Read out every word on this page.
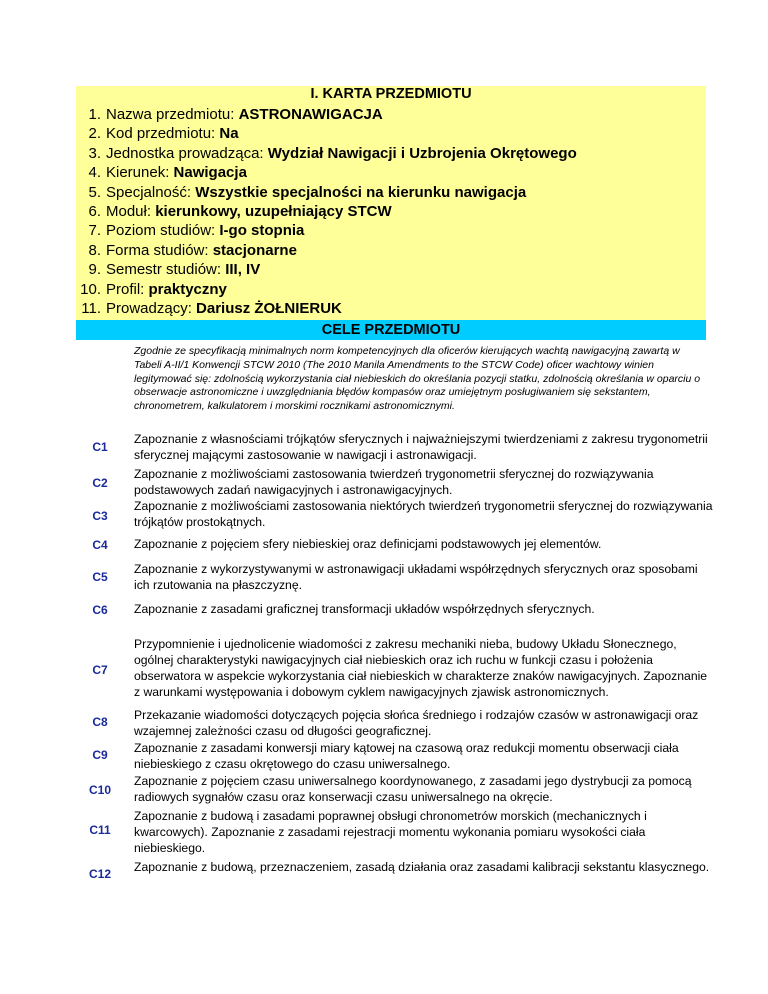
I. KARTA PRZEDMIOTU
1. Nazwa przedmiotu: ASTRONAWIGACJA
2. Kod przedmiotu: Na
3. Jednostka prowadząca: Wydział Nawigacji i Uzbrojenia Okrętowego
4. Kierunek: Nawigacja
5. Specjalność: Wszystkie specjalności na kierunku nawigacja
6. Moduł: kierunkowy, uzupełniający STCW
7. Poziom studiów: I-go stopnia
8. Forma studiów: stacjonarne
9. Semestr studiów: III, IV
10. Profil: praktyczny
11. Prowadzący: Dariusz ŻOŁNIERUK
CELE PRZEDMIOTU
Zgodnie ze specyfikacją minimalnych norm kompetencyjnych dla oficerów kierujących wachtą nawigacyjną zawartą w Tabeli A-II/1 Konwencji STCW 2010 (The 2010 Manila Amendments to the STCW Code) oficer wachtowy winien legitymować się: zdolnością wykorzystania ciał niebieskich do określania pozycji statku, zdolnością określania w oparciu o obserwacje astronomiczne i uwzględniania błędów kompasów oraz umiejętnym posługiwaniem się sekstantem, chronometrem, kalkulatorem i morskimi rocznikami astronomicznymi.
C1
Zapoznanie z własnościami trójkątów sferycznych i najważniejszymi twierdzeniami z zakresu trygonometrii sferycznej mającymi zastosowanie w nawigacji i astronawigacji.
C2
Zapoznanie z możliwościami zastosowania twierdzeń trygonometrii sferycznej do rozwiązywania podstawowych zadań nawigacyjnych i astronawigacyjnych.
C3
Zapoznanie z możliwościami zastosowania niektórych twierdzeń trygonometrii sferycznej do rozwiązywania trójkątów prostokątnych.
C4	Zapoznanie z pojęciem sfery niebieskiej oraz definicjami podstawowych jej elementów.
C5
Zapoznanie z wykorzystywanymi w astronawigacji układami współrzędnych sferycznych oraz sposobami ich rzutowania na płaszczyznę.
C6	Zapoznanie z zasadami graficznej transformacji układów współrzędnych sferycznych.
C7
Przypomnienie i ujednolicenie wiadomości z zakresu mechaniki nieba, budowy Układu Słonecznego, ogólnej charakterystyki nawigacyjnych ciał niebieskich oraz ich ruchu w funkcji czasu i położenia obserwatora w aspekcie wykorzystania ciał niebieskich w charakterze znaków nawigacyjnych. Zapoznanie z warunkami występowania i dobowym cyklem nawigacyjnych zjawisk astronomicznych.
C8	Przekazanie wiadomości dotyczących pojęcia słońca średniego i rodzajów czasów w astronawigacji oraz wzajemnej zależności czasu od długości geograficznej.
C9	Zapoznanie z zasadami konwersji miary kątowej na czasową oraz redukcji momentu obserwacji ciała niebieskiego z czasu okrętowego do czasu uniwersalnego.
C10
Zapoznanie z pojęciem czasu uniwersalnego koordynowanego, z zasadami jego dystrybucji za pomocą radiowych sygnałów czasu oraz konserwacji czasu uniwersalnego na okręcie.
C11
Zapoznanie z budową i zasadami poprawnej obsługi chronometrów morskich (mechanicznych i kwarcowych). Zapoznanie z zasadami rejestracji momentu wykonania pomiaru wysokości ciała niebieskiego.
C12	Zapoznanie z budową, przeznaczeniem, zasadą działania oraz zasadami kalibracji sekstantu klasycznego.
